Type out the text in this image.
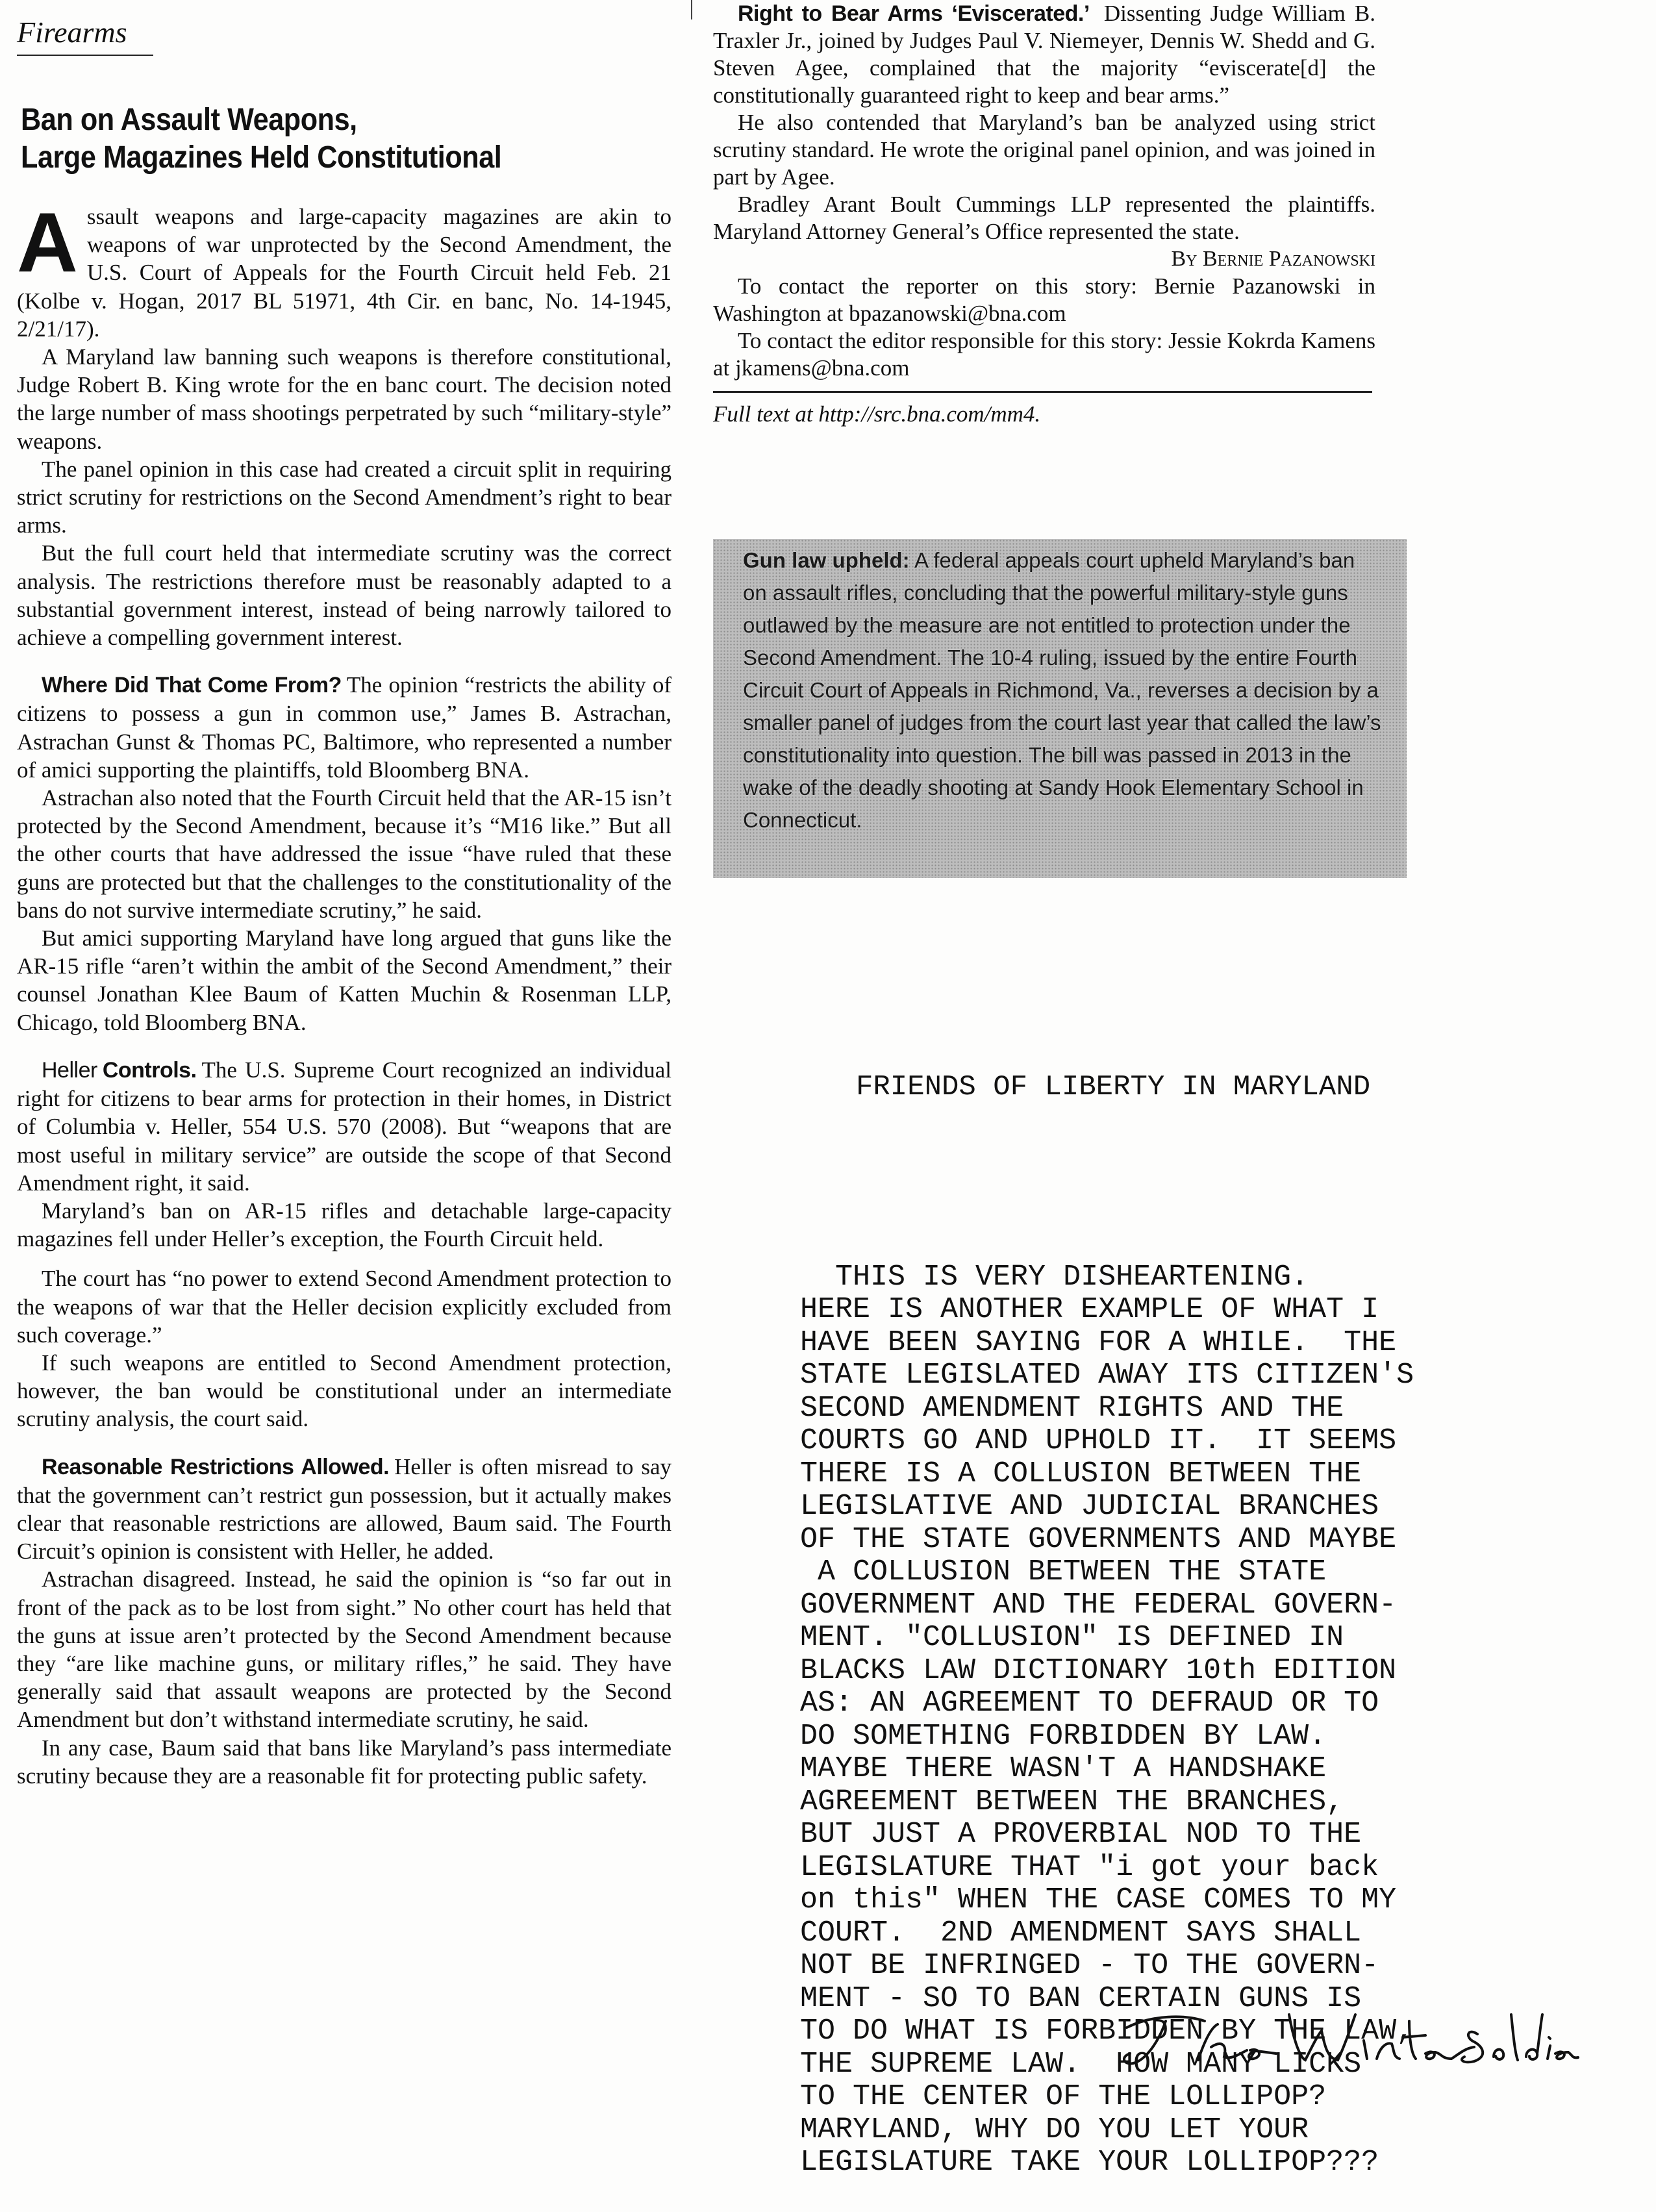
Firearms
Ban on Assault Weapons,
Large Magazines Held Constitutional

Assault weapons and large-capacity magazines are akin to weapons of war unprotected by the Second Amendment, the U.S. Court of Appeals for the Fourth Circuit held Feb. 21 (Kolbe v. Hogan, 2017 BL 51971, 4th Cir. en banc, No. 14-1945, 2/21/17).

A Maryland law banning such weapons is therefore constitutional, Judge Robert B. King wrote for the en banc court. The decision noted the large number of mass shootings perpetrated by such “military-style” weapons.

The panel opinion in this case had created a circuit split in requiring strict scrutiny for restrictions on the Second Amendment’s right to bear arms.

But the full court held that intermediate scrutiny was the correct analysis. The restrictions therefore must be reasonably adapted to a substantial government interest, instead of being narrowly tailored to achieve a compelling government interest.

Where Did That Come From? The opinion “restricts the ability of citizens to possess a gun in common use,” James B. Astrachan, Astrachan Gunst & Thomas PC, Baltimore, who represented a number of amici supporting the plaintiffs, told Bloomberg BNA.

Astrachan also noted that the Fourth Circuit held that the AR-15 isn’t protected by the Second Amendment, because it’s “M16 like.” But all the other courts that have addressed the issue “have ruled that these guns are protected but that the challenges to the constitutionality of the bans do not survive intermediate scrutiny,” he said.

But amici supporting Maryland have long argued that guns like the AR-15 rifle “aren’t within the ambit of the Second Amendment,” their counsel Jonathan Klee Baum of Katten Muchin & Rosenman LLP, Chicago, told Bloomberg BNA.

Heller Controls. The U.S. Supreme Court recognized an individual right for citizens to bear arms for protection in their homes, in District of Columbia v. Heller, 554 U.S. 570 (2008). But “weapons that are most useful in military service” are outside the scope of that Second Amendment right, it said.

Maryland’s ban on AR-15 rifles and detachable large-capacity magazines fell under Heller’s exception, the Fourth Circuit held.

The court has “no power to extend Second Amendment protection to the weapons of war that the Heller decision explicitly excluded from such coverage.”

If such weapons are entitled to Second Amendment protection, however, the ban would be constitutional under an intermediate scrutiny analysis, the court said.

Reasonable Restrictions Allowed. Heller is often misread to say that the government can’t restrict gun possession, but it actually makes clear that reasonable restrictions are allowed, Baum said. The Fourth Circuit’s opinion is consistent with Heller, he added.

Astrachan disagreed. Instead, he said the opinion is “so far out in front of the pack as to be lost from sight.” No other court has held that the guns at issue aren’t protected by the Second Amendment because they “are like machine guns, or military rifles,” he said. They have generally said that assault weapons are protected by the Second Amendment but don’t withstand intermediate scrutiny, he said.

In any case, Baum said that bans like Maryland’s pass intermediate scrutiny because they are a reasonable fit for protecting public safety.

Right to Bear Arms ‘Eviscerated.’ Dissenting Judge William B. Traxler Jr., joined by Judges Paul V. Niemeyer, Dennis W. Shedd and G. Steven Agee, complained that the majority “eviscerate[d] the constitutionally guaranteed right to keep and bear arms.”

He also contended that Maryland’s ban be analyzed using strict scrutiny standard. He wrote the original panel opinion, and was joined in part by Agee.

Bradley Arant Boult Cummings LLP represented the plaintiffs. Maryland Attorney General’s Office represented the state.

By Bernie Pazanowski

To contact the reporter on this story: Bernie Pazanowski in Washington at bpazanowski@bna.com

To contact the editor responsible for this story: Jessie Kokrda Kamens at jkamens@bna.com

Full text at http://src.bna.com/mm4.

Gun law upheld: A federal appeals court upheld Maryland’s ban on assault rifles, concluding that the powerful military-style guns outlawed by the measure are not entitled to protection under the Second Amendment. The 10-4 ruling, issued by the entire Fourth Circuit Court of Appeals in Richmond, Va., reverses a decision by a smaller panel of judges from the court last year that called the law’s constitutionality into question. The bill was passed in 2013 in the wake of the deadly shooting at Sandy Hook Elementary School in Connecticut.

FRIENDS OF LIBERTY IN MARYLAND

THIS IS VERY DISHEARTENING.
HERE IS ANOTHER EXAMPLE OF WHAT I
HAVE BEEN SAYING FOR A WHILE.  THE
STATE LEGISLATED AWAY ITS CITIZEN'S
SECOND AMENDMENT RIGHTS AND THE
COURTS GO AND UPHOLD IT.  IT SEEMS
THERE IS A COLLUSION BETWEEN THE
LEGISLATIVE AND JUDICIAL BRANCHES
OF THE STATE GOVERNMENTS AND MAYBE
A COLLUSION BETWEEN THE STATE
GOVERNMENT AND THE FEDERAL GOVERN-
MENT. "COLLUSION" IS DEFINED IN
BLACKS LAW DICTIONARY 10th EDITION
AS: AN AGREEMENT TO DEFRAUD OR TO
DO SOMETHING FORBIDDEN BY LAW.
MAYBE THERE WASN'T A HANDSHAKE
AGREEMENT BETWEEN THE BRANCHES,
BUT JUST A PROVERBIAL NOD TO THE
LEGISLATURE THAT "i got your back
on this" WHEN THE CASE COMES TO MY
COURT.  2ND AMENDMENT SAYS SHALL
NOT BE INFRINGED - TO THE GOVERN-
MENT - SO TO BAN CERTAIN GUNS IS
TO DO WHAT IS FORBIDDEN BY THE LAW,
THE SUPREME LAW.  HOW MANY LICKS
TO THE CENTER OF THE LOLLIPOP?
MARYLAND, WHY DO YOU LET YOUR
LEGISLATURE TAKE YOUR LOLLIPOP???
